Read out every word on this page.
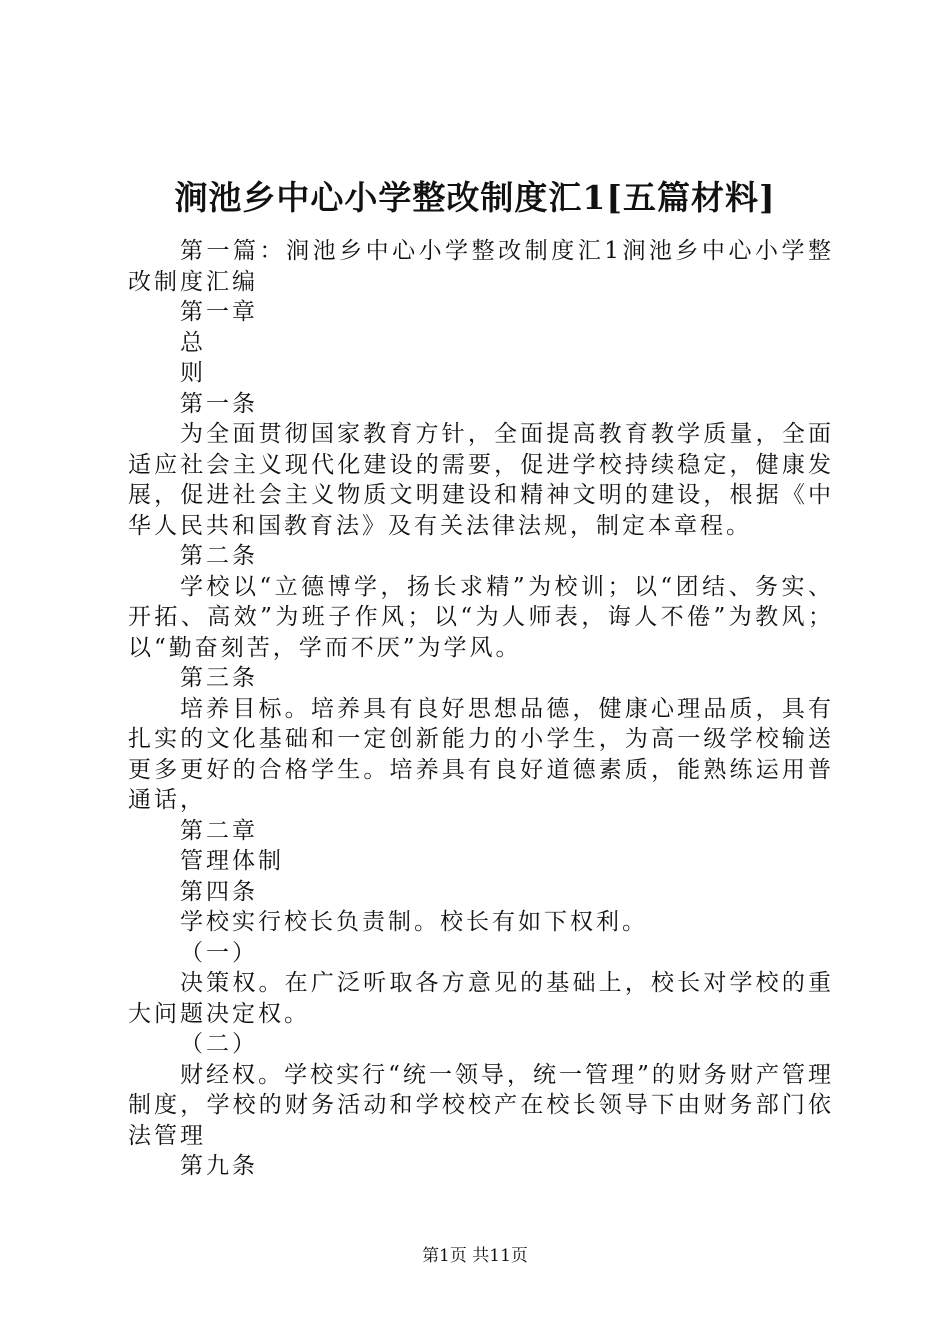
涧池乡中心小学整改制度汇1[五篇材料]

第一篇：涧池乡中心小学整改制度汇1涧池乡中心小学整改制度汇编

第一章

总

则

第一条

为全面贯彻国家教育方针，全面提高教育教学质量，全面适应社会主义现代化建设的需要，促进学校持续稳定，健康发展，促进社会主义物质文明建设和精神文明的建设，根据《中华人民共和国教育法》及有关法律法规，制定本章程。

第二条

学校以“立德博学，扬长求精”为校训；以“团结、务实、开拓、高效”为班子作风；以“为人师表，诲人不倦”为教风；以“勤奋刻苦，学而不厌”为学风。

第三条

培养目标。培养具有良好思想品德，健康心理品质，具有扎实的文化基础和一定创新能力的小学生，为高一级学校输送更多更好的合格学生。培养具有良好道德素质，能熟练运用普通话，

第二章

管理体制

第四条

学校实行校长负责制。校长有如下权利。

（一）

决策权。在广泛听取各方意见的基础上，校长对学校的重大问题决定权。

（二）

财经权。学校实行“统一领导，统一管理”的财务财产管理制度，学校的财务活动和学校校产在校长领导下由财务部门依法管理

第九条

第1页 共11页
